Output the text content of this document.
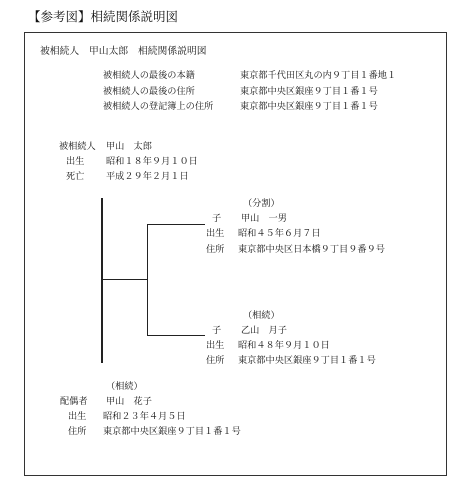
【参考図】相続関係説明図
被相続人　甲山太郎　相続関係説明図
被相続人の最後の本籍	東京都千代田区丸の内９丁目１番地１
被相続人の最後の住所	東京都中央区銀座９丁目１番１号
被相続人の登記簿上の住所	東京都中央区銀座９丁目１番１号
被相続人 甲山　太郎
出生 昭和１８年９月１０日
死亡 平成２９年２月１日
（分割）
子 甲山　一男
出生 昭和４５年６月７日
住所 東京都中央区日本橋９丁目９番９号
（相続）
子 乙山　月子
出生 昭和４８年９月１０日
住所 東京都中央区銀座９丁目１番１号
（相続）
配偶者 甲山　花子
出生 昭和２３年４月５日
住所 東京都中央区銀座９丁目１番１号
